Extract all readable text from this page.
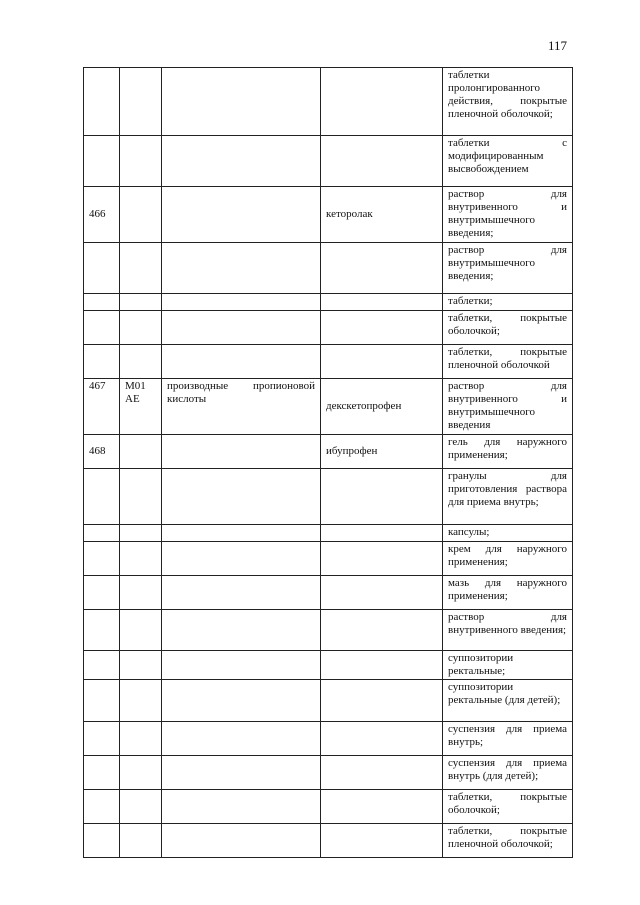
117
				таблетки пролонгированного действия, покрытые пленочной оболочкой;
				таблетки с модифицированным высвобождением
466			кеторолак	раствор для внутривенного и внутримышечного введения;
				раствор для внутримышечного введения;
				таблетки;
				таблетки, покрытые оболочкой;
				таблетки, покрытые пленочной оболочкой
467	M01 AE	производные пропионовой кислоты	декскетопрофен	раствор для внутривенного и внутримышечного введения
468			ибупрофен	гель для наружного применения;
				гранулы для приготовления раствора для приема внутрь;
				капсулы;
				крем для наружного применения;
				мазь для наружного применения;
				раствор для внутривенного введения;
				суппозитории ректальные;
				суппозитории ректальные (для детей);
				суспензия для приема внутрь;
				суспензия для приема внутрь (для детей);
				таблетки, покрытые оболочкой;
				таблетки, покрытые пленочной оболочкой;
